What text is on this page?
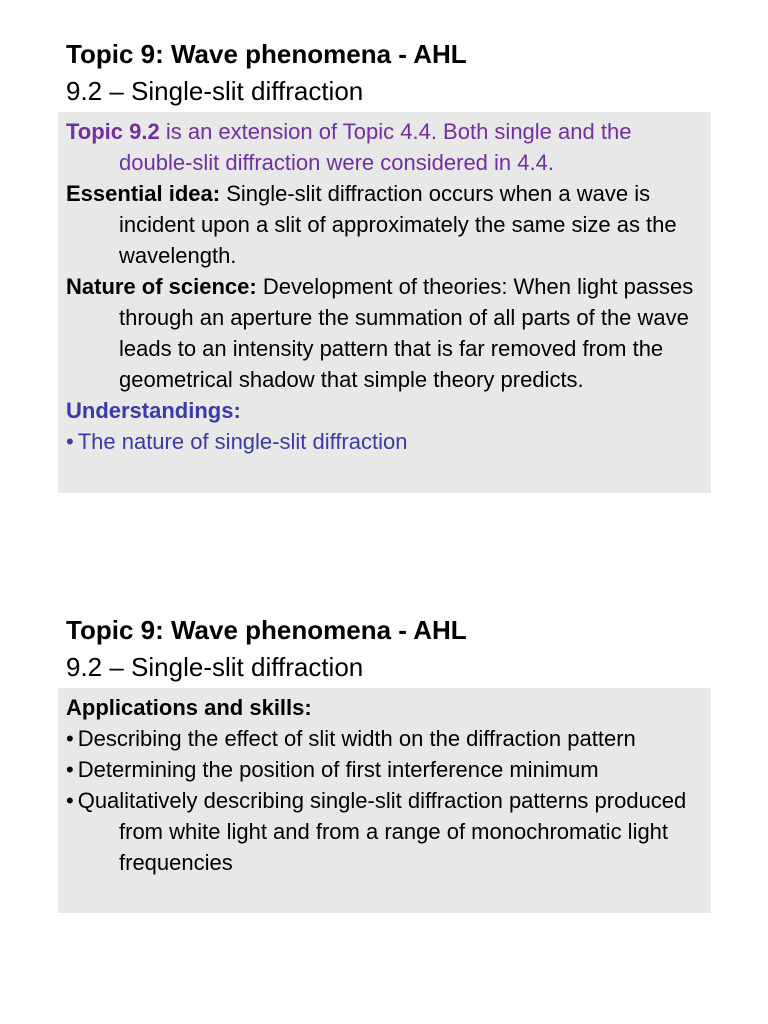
Topic 9: Wave phenomena - AHL
9.2 – Single-slit diffraction

Topic 9.2 is an extension of Topic 4.4. Both single and the double-slit diffraction were considered in 4.4.

Essential idea: Single-slit diffraction occurs when a wave is incident upon a slit of approximately the same size as the wavelength.

Nature of science: Development of theories: When light passes through an aperture the summation of all parts of the wave leads to an intensity pattern that is far removed from the geometrical shadow that simple theory predicts.

Understandings:

• The nature of single-slit diffraction

Topic 9: Wave phenomena - AHL
9.2 – Single-slit diffraction

Applications and skills:

• Describing the effect of slit width on the diffraction pattern

• Determining the position of first interference minimum

• Qualitatively describing single-slit diffraction patterns produced from white light and from a range of monochromatic light frequencies
